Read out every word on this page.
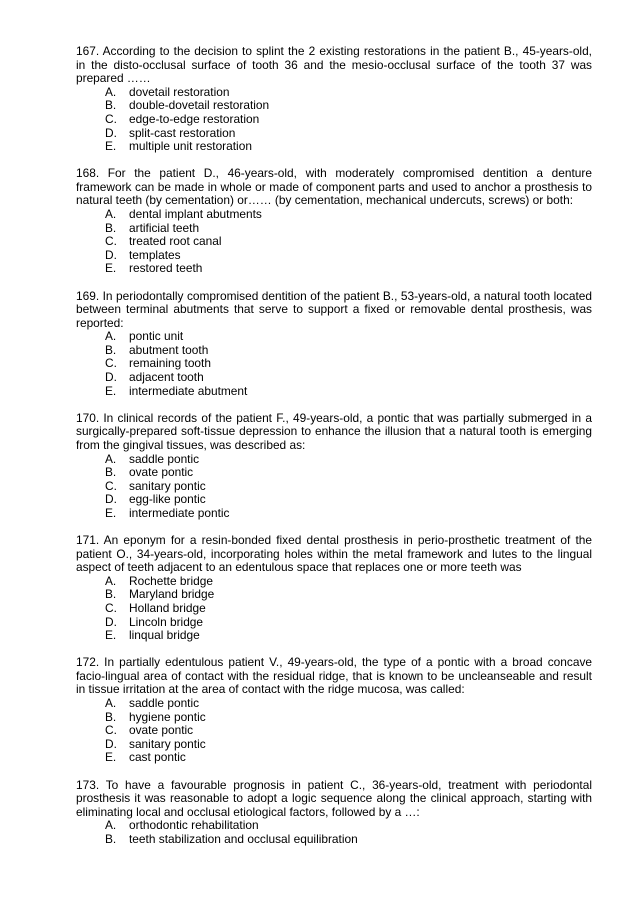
167. According to the decision to splint the 2 existing restorations in the patient B., 45-years-old, in the disto-occlusal surface of tooth 36 and the mesio-occlusal surface of the tooth 37 was prepared ……

A. dovetail restoration
B. double-dovetail restoration
C. edge-to-edge restoration
D. split-cast restoration
E. multiple unit restoration

168. For the patient D., 46-years-old, with moderately compromised dentition a denture framework can be made in whole or made of component parts and used to anchor a prosthesis to natural teeth (by cementation) or…… (by cementation, mechanical undercuts, screws) or both:

A. dental implant abutments
B. artificial teeth
C. treated root canal
D. templates
E. restored teeth

169. In periodontally compromised dentition of the patient B., 53-years-old, a natural tooth located between terminal abutments that serve to support a fixed or removable dental prosthesis, was reported:

A. pontic unit
B. abutment tooth
C. remaining tooth
D. adjacent tooth
E. intermediate abutment

170. In clinical records of the patient F., 49-years-old, a pontic that was partially submerged in a surgically-prepared soft-tissue depression to enhance the illusion that a natural tooth is emerging from the gingival tissues, was described as:

A. saddle pontic
B. ovate pontic
C. sanitary pontic
D. egg-like pontic
E. intermediate pontic

171. An eponym for a resin-bonded fixed dental prosthesis in perio-prosthetic treatment of the patient O., 34-years-old, incorporating holes within the metal framework and lutes to the lingual aspect of teeth adjacent to an edentulous space that replaces one or more teeth was

A. Rochette bridge
B. Maryland bridge
C. Holland bridge
D. Lincoln bridge
E. linqual bridge

172. In partially edentulous patient V., 49-years-old, the type of a pontic with a broad concave facio-lingual area of contact with the residual ridge, that is known to be uncleanseable and result in tissue irritation at the area of contact with the ridge mucosa, was called:

A. saddle pontic
B. hygiene pontic
C. ovate pontic
D. sanitary pontic
E. cast pontic

173. To have a favourable prognosis in patient C., 36-years-old, treatment with periodontal prosthesis it was reasonable to adopt a logic sequence along the clinical approach, starting with eliminating local and occlusal etiological factors, followed by a …:

A. orthodontic rehabilitation
B. teeth stabilization and occlusal equilibration
